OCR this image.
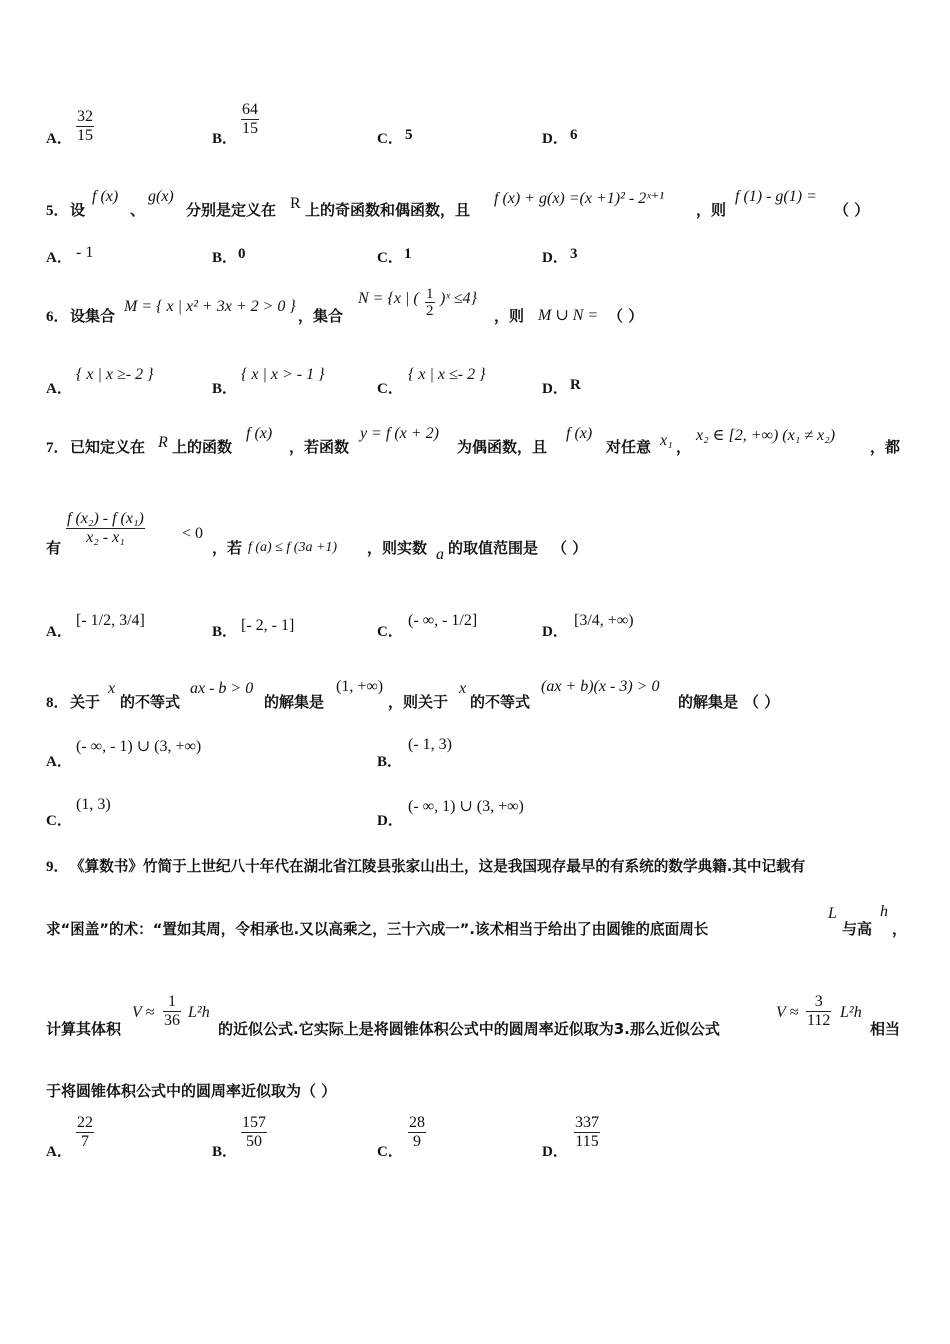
A．
32
15	B．
64
15
C． 5	D． 6
5． 设
f (x)
、
g(x)
分别是定义在 R 上的奇函数和偶函数，且
f (x) + g(x) =(x +1)² - 2ˣ⁺¹
，则
f (1) - g(1) =
（ ）
A． - 1	B． 0	C． 1	D． 3
6． 设集合
M = { x | x² + 3x + 2 > 0 }
，集合
N = {x | ( 1
2
)ˣ ≤4}
，则 M ∪ N = （ ）
A．
{ x | x ≥- 2 }
B．
{ x | x > - 1 }
C．
{ x | x ≤- 2 }
D． R
7． 已知定义在 R 上的函数
f (x)
，若函数
y = f (x + 2)
为偶函数，且
f (x)
对任意 x₁ ，
x₂ ∈ [2, +∞) (x₁ ≠ x₂)
，都
有
f (x₂) - f (x₁)
x₂ - x₁	< 0
，若 f (a) ≤ f (3a +1) ，则实数 a 的取值范围是 （ ）
A．
[- 1/2, 3/4]
B． [- 2, - 1]	C．
(- ∞, - 1/2]
D．
[3/4, +∞)
8． 关于
x
的不等式
ax - b > 0
的解集是
(1, +∞)
，则关于
x
的不等式
(ax + b)(x - 3) > 0
的解集是 （ ）
A．
(- ∞, - 1) ∪ (3, +∞)
B．
(- 1, 3)
C．
(1, 3)
D．
(- ∞, 1) ∪ (3, +∞)
9． 《算数书》竹简于上世纪八十年代在湖北省江陵县张家山出土，这是我国现存最早的有系统的数学典籍.其中记载有
求“囷盖”的术：“置如其周，令相承也.又以高乘之，三十六成一”.该术相当于给出了由圆锥的底面周长
L
与高
h
，
计算其体积
V ≈
1
36 L²h
的近似公式.它实际上是将圆锥体积公式中的圆周率近似取为3.那么近似公式
V ≈
3
112 L²h
相当
于将圆锥体积公式中的圆周率近似取为（ ）
A．
22
7
B．
157
50
C．
28
9
D．
337
115
